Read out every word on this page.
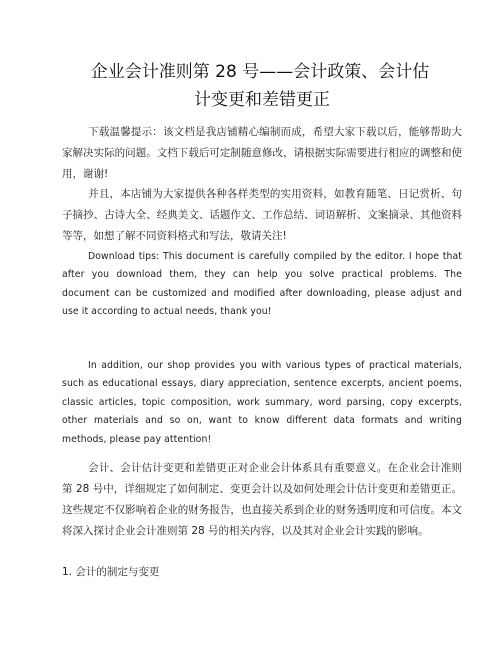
企业会计准则第 28 号——会计政策、会计估
计变更和差错更正

下载温馨提示：该文档是我店铺精心编制而成，希望大家下载以后，能够帮助大家解决实际的问题。文档下载后可定制随意修改，请根据实际需要进行相应的调整和使用，谢谢!

并且，本店铺为大家提供各种各样类型的实用资料，如教育随笔、日记赏析、句子摘抄、古诗大全、经典美文、话题作文、工作总结、词语解析、文案摘录、其他资料等等，如想了解不同资料格式和写法，敬请关注!

Download tips: This document is carefully compiled by the editor. I hope that after you download them, they can help you solve practical problems. The document can be customized and modified after downloading, please adjust and use it according to actual needs, thank you!

In addition, our shop provides you with various types of practical materials, such as educational essays, diary appreciation, sentence excerpts, ancient poems, classic articles, topic composition, work summary, word parsing, copy excerpts, other materials and so on, want to know different data formats and writing methods, please pay attention!

会计、会计估计变更和差错更正对企业会计体系具有重要意义。在企业会计准则第 28 号中，详细规定了如何制定、变更会计以及如何处理会计估计变更和差错更正。这些规定不仅影响着企业的财务报告，也直接关系到企业的财务透明度和可信度。本文将深入探讨企业会计准则第 28 号的相关内容，以及其对企业会计实践的影响。

1. 会计的制定与变更
